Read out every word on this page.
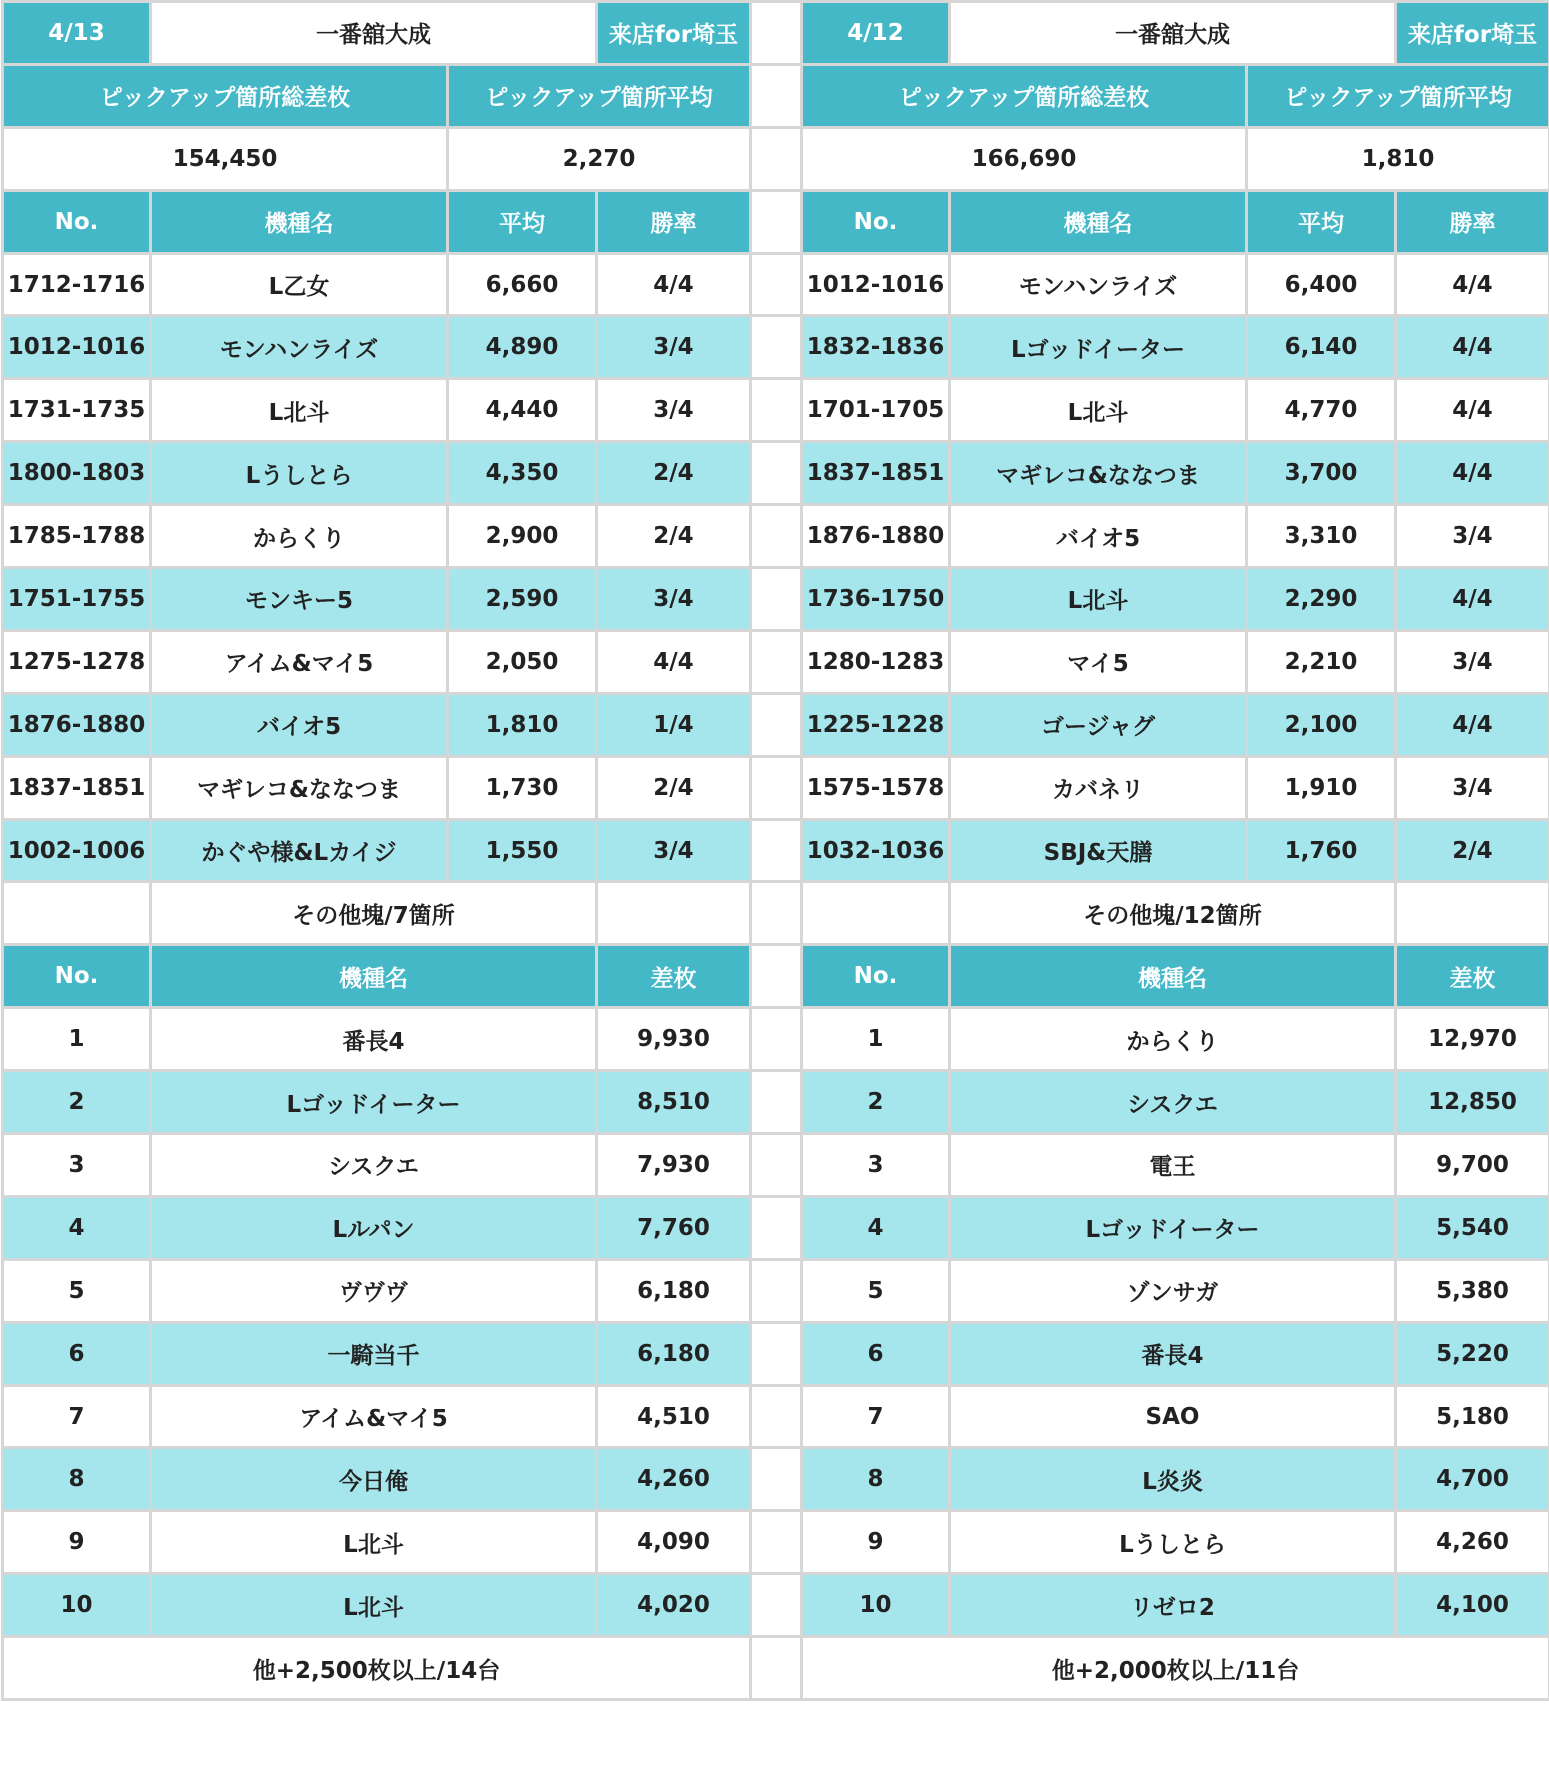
4/13	一番舘大成		来店for埼玉
ピックアップ箇所総差枚		ピックアップ箇所平均	
154,450		2,270	
No.	機種名	平均	勝率
1712-1716	L乙女	6,660	4/4
1012-1016	モンハンライズ	4,890	3/4
1731-1735	L北斗	4,440	3/4
1800-1803	Lうしとら	4,350	2/4
1785-1788	からくり	2,900	2/4
1751-1755	モンキー5	2,590	3/4
1275-1278	アイム&マイ5	2,050	4/4
1876-1880	バイオ5	1,810	1/4
1837-1851	マギレコ&ななつま	1,730	2/4
1002-1006	かぐや様&Lカイジ	1,550	3/4
	その他塊/7箇所		
No.	機種名		差枚
1	番長4		9,930
2	Lゴッドイーター		8,510
3	シスクエ		7,930
4	Lルパン		7,760
5	ヴヴヴ		6,180
6	一騎当千		6,180
7	アイム&マイ5		4,510
8	今日俺		4,260
9	L北斗		4,090
10	L北斗		4,020
他+2,500枚以上/14台			
4/12	一番舘大成		来店for埼玉
ピックアップ箇所総差枚		ピックアップ箇所平均	
166,690		1,810	
No.	機種名	平均	勝率
1012-1016	モンハンライズ	6,400	4/4
1832-1836	Lゴッドイーター	6,140	4/4
1701-1705	L北斗	4,770	4/4
1837-1851	マギレコ&ななつま	3,700	4/4
1876-1880	バイオ5	3,310	3/4
1736-1750	L北斗	2,290	4/4
1280-1283	マイ5	2,210	3/4
1225-1228	ゴージャグ	2,100	4/4
1575-1578	カバネリ	1,910	3/4
1032-1036	SBJ&天膳	1,760	2/4
	その他塊/12箇所		
No.	機種名		差枚
1	からくり		12,970
2	シスクエ		12,850
3	電王		9,700
4	Lゴッドイーター		5,540
5	ゾンサガ		5,380
6	番長4		5,220
7	SAO		5,180
8	L炎炎		4,700
9	Lうしとら		4,260
10	リゼロ2		4,100
他+2,000枚以上/11台			
